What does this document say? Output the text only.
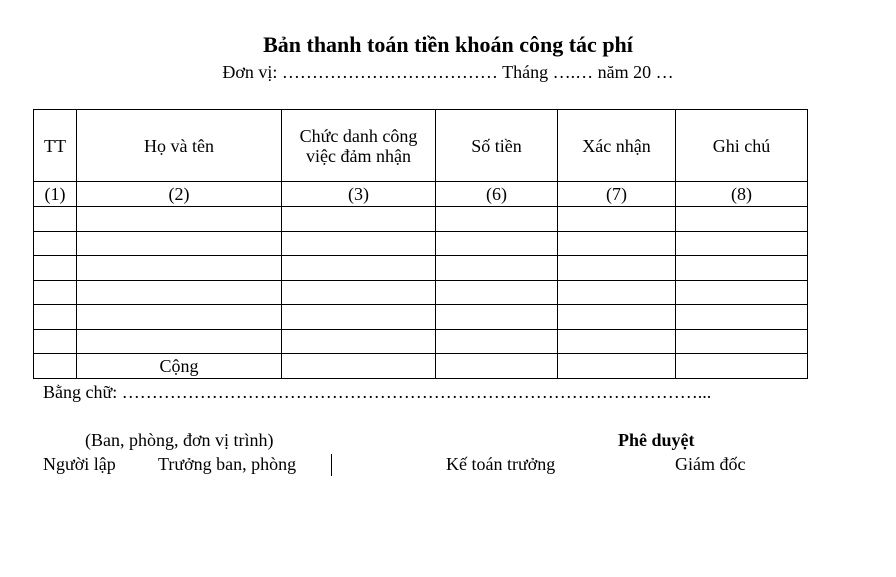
Bản thanh toán tiền khoán công tác phí
Đơn vị: ……………………………… Tháng ….… năm 20 …
TT	Họ và tên	Chức danh công việc đảm nhận	Số tiền	Xác nhận	Ghi chú
(1)	(2)	(3)	(6)	(7)	(8)

	Cộng				
Bằng chữ: ……………………………………………………………………………………...
(Ban, phòng, đơn vị trình)	Phê duyệt
Người lập Trưởng ban, phòng	Kế toán trưởng	Giám đốc
